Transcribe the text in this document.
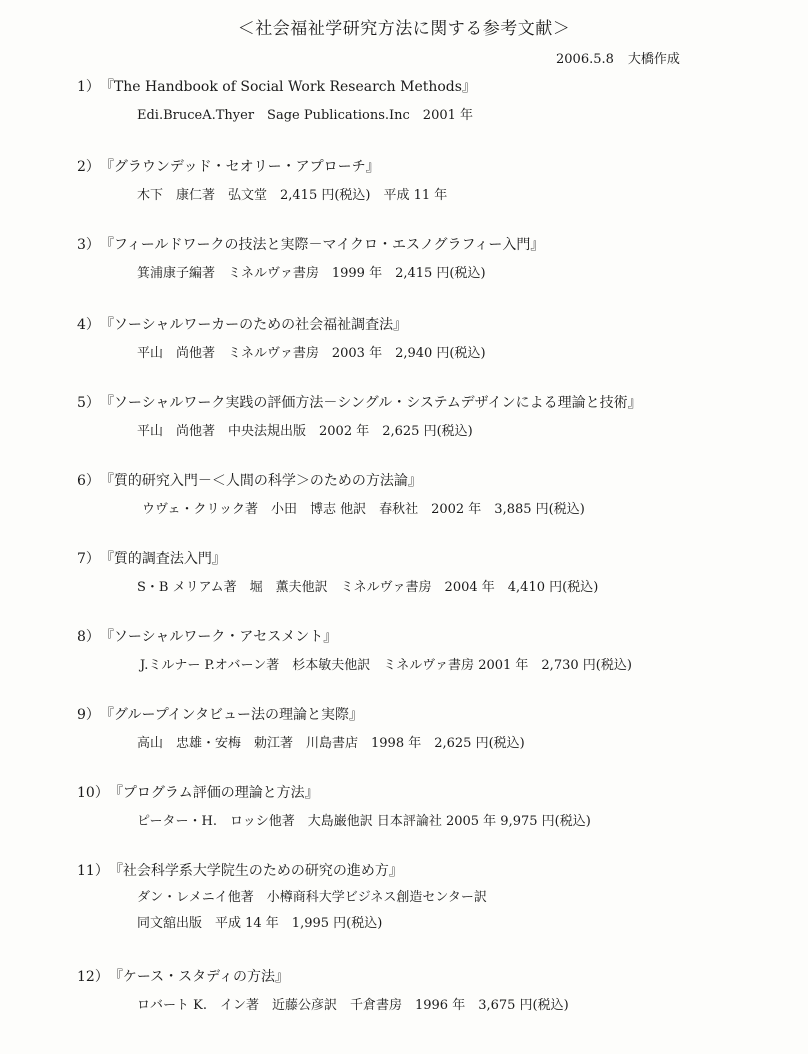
＜社会福祉学研究方法に関する参考文献＞
2006.5.8 大橋作成
1）『The Handbook of Social Work Research Methods』
Edi.BruceA.Thyer　Sage Publications.Inc　2001 年
2）『グラウンデッド・セオリー・アプローチ』
木下　康仁著　弘文堂　2,415 円(税込)　平成 11 年
3）『フィールドワークの技法と実際－マイクロ・エスノグラフィー入門』
箕浦康子編著　ミネルヴァ書房　1999 年　2,415 円(税込)
4）『ソーシャルワーカーのための社会福祉調査法』
平山　尚他著　ミネルヴァ書房　2003 年　2,940 円(税込)
5）『ソーシャルワーク実践の評価方法－シングル・システムデザインによる理論と技術』
平山　尚他著　中央法規出版　2002 年　2,625 円(税込)
6）『質的研究入門－＜人間の科学＞のための方法論』
ウヴェ・クリック著　小田　博志 他訳　春秋社　2002 年　3,885 円(税込)
7）『質的調査法入門』
S・B メリアム著　堀　薫夫他訳　ミネルヴァ書房　2004 年　4,410 円(税込)
8）『ソーシャルワーク・アセスメント』
J.ミルナー P.オバーン著　杉本敏夫他訳　ミネルヴァ書房 2001 年　2,730 円(税込)
9）『グループインタビュー法の理論と実際』
高山　忠雄・安梅　勅江著　川島書店　1998 年　2,625 円(税込)
10）『プログラム評価の理論と方法』
ピーター・H.　ロッシ他著　大島巌他訳 日本評論社 2005 年 9,975 円(税込)
11）『社会科学系大学院生のための研究の進め方』
ダン・レメニイ他著　小樽商科大学ビジネス創造センター訳
同文舘出版　平成 14 年　1,995 円(税込)
12）『ケース・スタディの方法』
ロバート K.　イン著　近藤公彦訳　千倉書房　1996 年　3,675 円(税込)
